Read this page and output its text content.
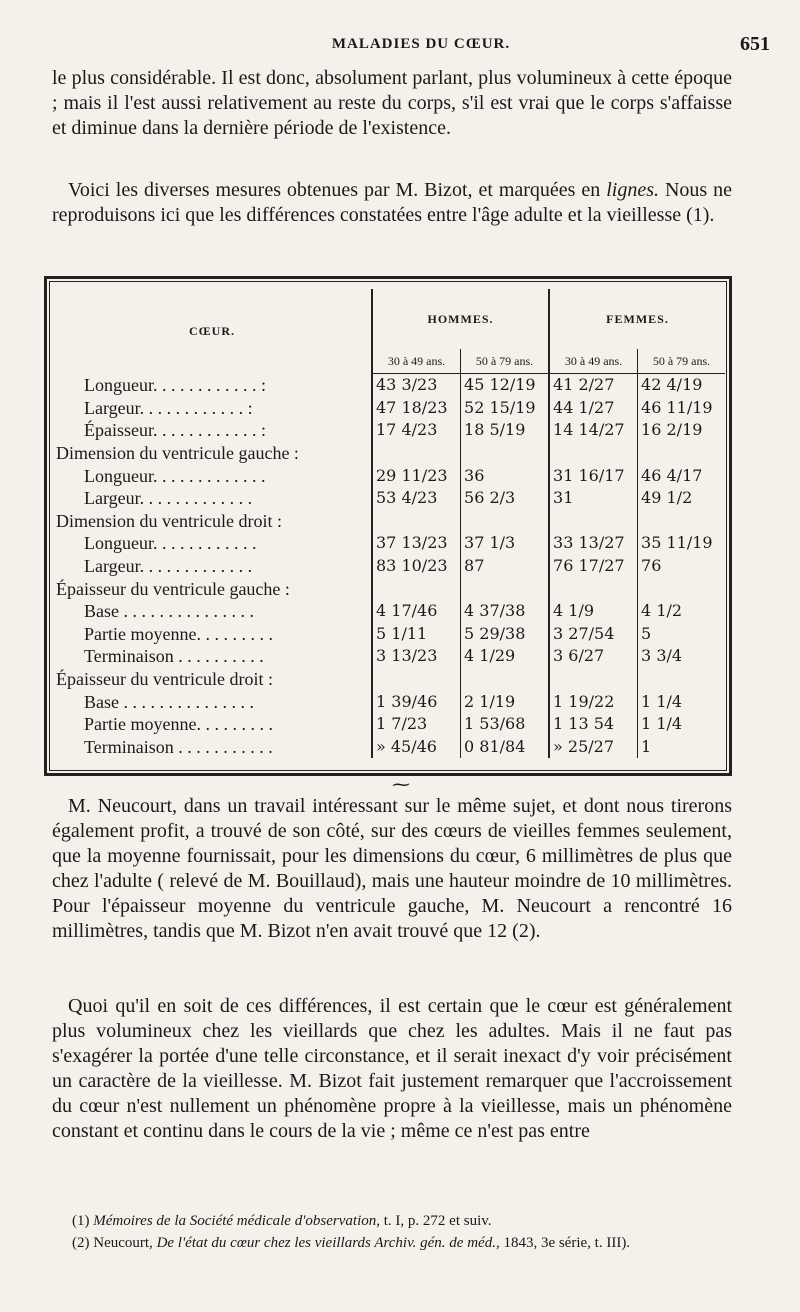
MALADIES DU CŒUR.	651

le plus considérable. Il est donc, absolument parlant, plus volumineux à cette époque ; mais il l'est aussi relativement au reste du corps, s'il est vrai que le corps s'affaisse et diminue dans la dernière période de l'existence.

Voici les diverses mesures obtenues par M. Bizot, et marquées en lignes. Nous ne reproduisons ici que les différences constatées entre l'âge adulte et la vieillesse (1).

CŒUR.	HOMMES.		FEMMES.	
	30 à 49 ans.	50 à 79 ans.	30 à 49 ans.	50 à 79 ans.
Longueur. . . . . . . . . . . . :	43 3/23	45 12/19	41 2/27	42 4/19
Largeur. . . . . . . . . . . . :	47 18/23	52 15/19	44 1/27	46 11/19
Épaisseur. . . . . . . . . . . . :	17 4/23	18 5/19	14 14/27	16 2/19
Dimension du ventricule gauche :				
Longueur. . . . . . . . . . . . .	29 11/23	36	31 16/17	46 4/17
Largeur. . . . . . . . . . . . .	53 4/23	56 2/3	31	49 1/2
Dimension du ventricule droit :				
Longueur. . . . . . . . . . . .	37 13/23	37 1/3	33 13/27	35 11/19
Largeur. . . . . . . . . . . . .	83 10/23	87	76 17/27	76
Épaisseur du ventricule gauche :				
Base . . . . . . . . . . . . . . .	4 17/46	4 37/38	4 1/9	4 1/2
Partie moyenne. . . . . . . . .	5 1/11	5 29/38	3 27/54	5
Terminaison . . . . . . . . . .	3 13/23	4 1/29	3 6/27	3 3/4
Épaisseur du ventricule droit :				
Base . . . . . . . . . . . . . . .	1 39/46	2 1/19	1 19/22	1 1/4
Partie moyenne. . . . . . . . .	1 7/23	1 53/68	1 13 54	1 1/4
Terminaison . . . . . . . . . . .	» 45/46	0 81/84	» 25/27	1
⁓

M. Neucourt, dans un travail intéressant sur le même sujet, et dont nous tirerons également profit, a trouvé de son côté, sur des cœurs de vieilles femmes seulement, que la moyenne fournissait, pour les dimensions du cœur, 6 millimètres de plus que chez l'adulte ( relevé de M. Bouillaud), mais une hauteur moindre de 10 millimètres. Pour l'épaisseur moyenne du ventricule gauche, M. Neucourt a rencontré 16 millimètres, tandis que M. Bizot n'en avait trouvé que 12 (2).

Quoi qu'il en soit de ces différences, il est certain que le cœur est généralement plus volumineux chez les vieillards que chez les adultes. Mais il ne faut pas s'exagérer la portée d'une telle circonstance, et il serait inexact d'y voir précisément un caractère de la vieillesse. M. Bizot fait justement remarquer que l'accroissement du cœur n'est nullement un phénomène propre à la vieillesse, mais un phénomène constant et continu dans le cours de la vie ; même ce n'est pas entre

(1) Mémoires de la Société médicale d'observation, t. I, p. 272 et suiv.

(2) Neucourt, De l'état du cœur chez les vieillards Archiv. gén. de méd., 1843, 3e série, t. III).
